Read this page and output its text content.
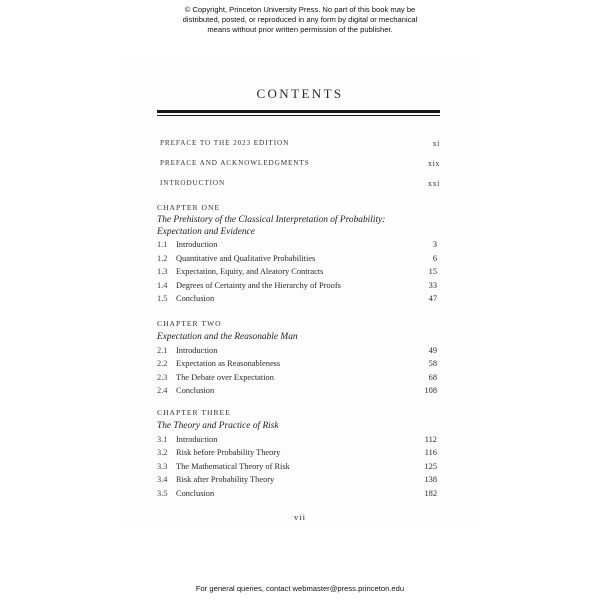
© Copyright, Princeton University Press. No part of this book may be
distributed, posted, or reproduced in any form by digital or mechanical
means without prior written permission of the publisher.
CONTENTS
PREFACE TO THE 2023 EDITION	xi
PREFACE AND ACKNOWLEDGMENTS	xix
INTRODUCTION	xxi
CHAPTER ONE
The Prehistory of the Classical Interpretation of Probability:
Expectation and Evidence
1.1 Introduction	3
1.2 Quantitative and Qualitative Probabilities	6
1.3 Expectation, Equity, and Aleatory Contracts	15
1.4 Degrees of Certainty and the Hierarchy of Proofs	33
1.5 Conclusion	47
CHAPTER TWO
Expectation and the Reasonable Man
2.1 Introduction	49
2.2 Expectation as Reasonableness	58
2.3 The Debate over Expectation	68
2.4 Conclusion	108
CHAPTER THREE
The Theory and Practice of Risk
3.1 Introduction	112
3.2 Risk before Probability Theory	116
3.3 The Mathematical Theory of Risk	125
3.4 Risk after Probability Theory	138
3.5 Conclusion	182
vii
For general queries, contact webmaster@press.princeton.edu
